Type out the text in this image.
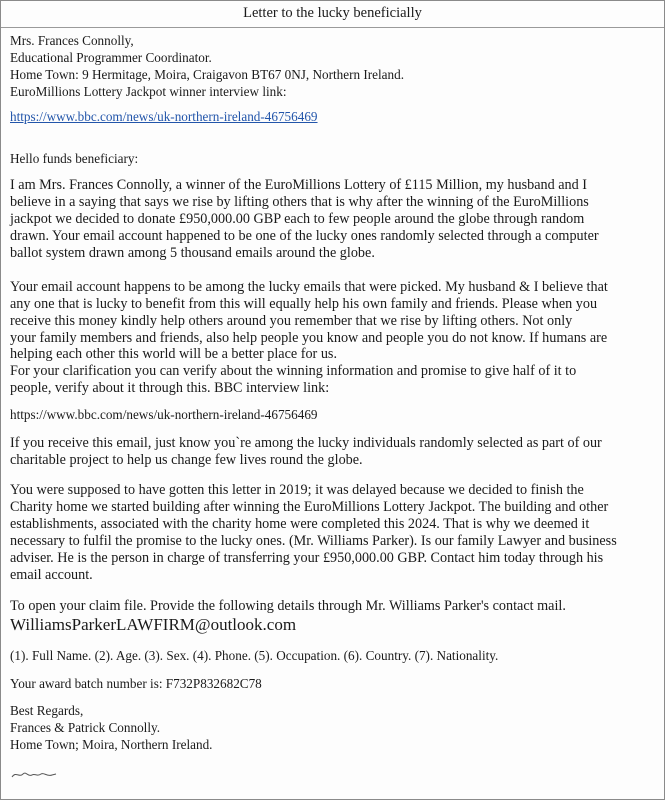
Letter to the lucky beneficially
Mrs. Frances Connolly,
Educational Programmer Coordinator.
Home Town: 9 Hermitage, Moira, Craigavon BT67 0NJ, Northern Ireland.
EuroMillions Lottery Jackpot winner interview link:
https://www.bbc.com/news/uk-northern-ireland-46756469
Hello funds beneficiary:
I am Mrs. Frances Connolly, a winner of the EuroMillions Lottery of £115 Million, my husband and I
believe in a saying that says we rise by lifting others that is why after the winning of the EuroMillions
jackpot we decided to donate £950,000.00 GBP each to few people around the globe through random
drawn. Your email account happened to be one of the lucky ones randomly selected through a computer
ballot system drawn among 5 thousand emails around the globe.
Your email account happens to be among the lucky emails that were picked. My husband & I believe that
any one that is lucky to benefit from this will equally help his own family and friends. Please when you
receive this money kindly help others around you remember that we rise by lifting others. Not only
your family members and friends, also help people you know and people you do not know. If humans are
helping each other this world will be a better place for us.
For your clarification you can verify about the winning information and promise to give half of it to
people, verify about it through this. BBC interview link:
https://www.bbc.com/news/uk-northern-ireland-46756469
If you receive this email, just know you`re among the lucky individuals randomly selected as part of our
charitable project to help us change few lives round the globe.
You were supposed to have gotten this letter in 2019; it was delayed because we decided to finish the
Charity home we started building after winning the EuroMillions Lottery Jackpot. The building and other
establishments, associated with the charity home were completed this 2024. That is why we deemed it
necessary to fulfil the promise to the lucky ones. (Mr. Williams Parker). Is our family Lawyer and business
adviser. He is the person in charge of transferring your £950,000.00 GBP. Contact him today through his
email account.
To open your claim file. Provide the following details through Mr. Williams Parker's contact mail.
WilliamsParkerLAWFIRM@outlook.com
(1). Full Name. (2). Age. (3). Sex. (4). Phone. (5). Occupation. (6). Country. (7). Nationality.
Your award batch number is: F732P832682C78
Best Regards,
Frances & Patrick Connolly.
Home Town; Moira, Northern Ireland.
